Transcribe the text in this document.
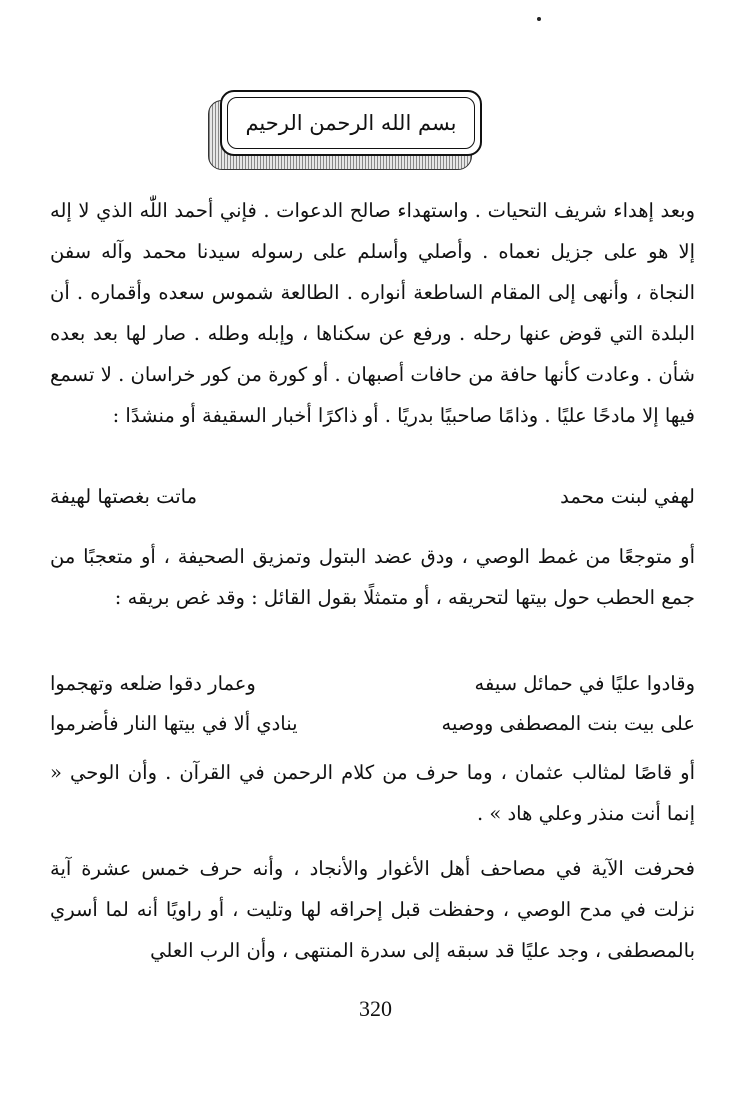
بسم الله الرحمن الرحيم

وبعد إهداء شريف التحيات . واستهداء صالح الدعوات . فإني أحمد اللّٰه الذي لا إله إلا هو على جزيل نعماه . وأصلي وأسلم على رسوله سيدنا محمد وآله سفن النجاة ، وأنهى إلى المقام الساطعة أنواره . الطالعة شموس سعده وأقماره . أن البلدة التي قوض عنها رحله . ورفع عن سكناها ، وإبله وطله . صار لها بعد بعده شأن . وعادت كأنها حافة من حافات أصبهان . أو كورة من كور خراسان . لا تسمع فيها إلا مادحًا عليًا . وذامًا صاحبيًا بدريًا . أو ذاكرًا أخبار السقيفة أو منشدًا :

لهفي لبنت محمد
ماتت بغصتها لهيفة

أو متوجعًا من غمط الوصي ، ودق عضد البتول وتمزيق الصحيفة ، أو متعجبًا من جمع الحطب حول بيتها لتحريقه ، أو متمثلًا بقول القائل : وقد غص بريقه :

وقادوا عليًا في حمائل سيفه
وعمار دقوا ضلعه وتهجموا
على بيت بنت المصطفى ووصيه
ينادي ألا في بيتها النار فأضرموا

أو قاصًا لمثالب عثمان ، وما حرف من كلام الرحمن في القرآن . وأن الوحي « إنما أنت منذر وعلي هاد » .

فحرفت الآية في مصاحف أهل الأغوار والأنجاد ، وأنه حرف خمس عشرة آية نزلت في مدح الوصي ، وحفظت قبل إحراقه لها وتليت ، أو راويًا أنه لما أسري بالمصطفى ، وجد عليًا قد سبقه إلى سدرة المنتهى ، وأن الرب العلي

320
